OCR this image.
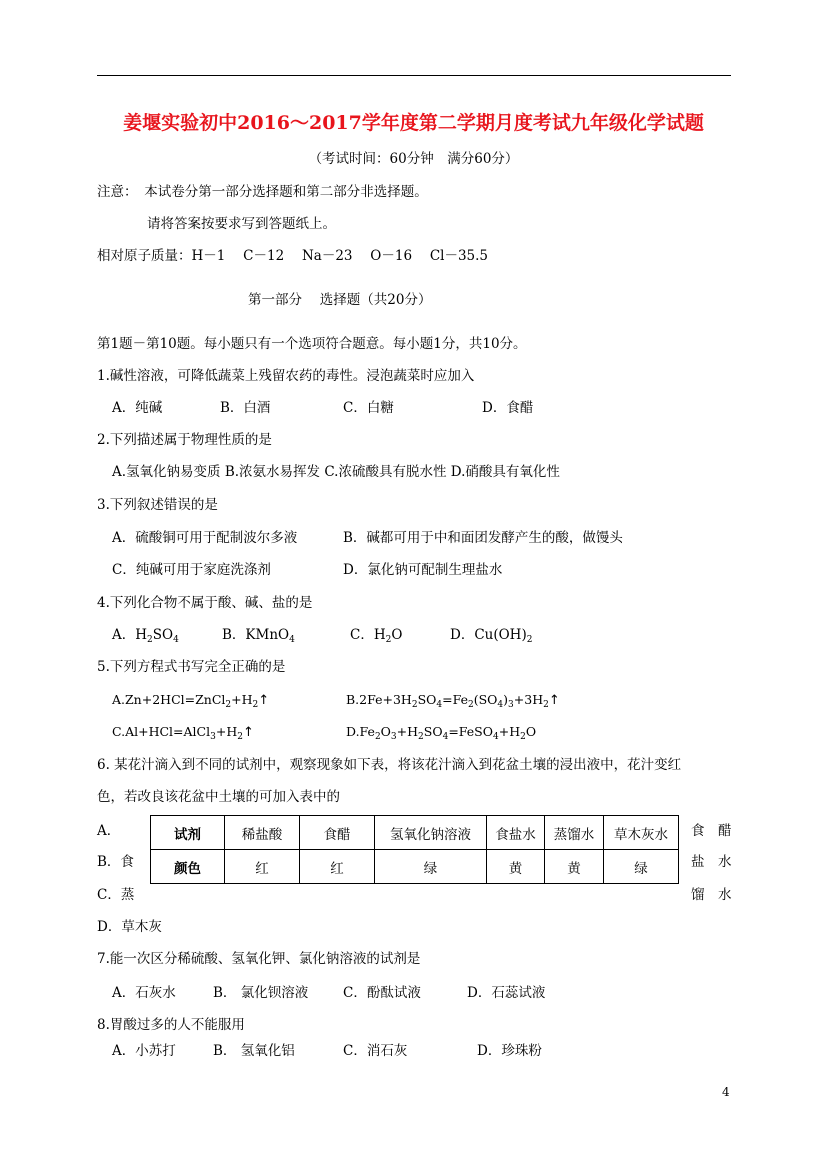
姜堰实验初中2016～2017学年度第二学期月度考试九年级化学试题
（考试时间：60分钟　满分60分）
注意：　本试卷分第一部分选择题和第二部分非选择题。
请将答案按要求写到答题纸上。
相对原子质量：H－1　 C－12　 Na－23　 O－16　 Cl－35.5
第一部分　 选择题（共20分）
第1题－第10题。每小题只有一个选项符合题意。每小题1分，共10分。
1.碱性溶液，可降低蔬菜上残留农药的毒性。浸泡蔬菜时应加入
A．纯碱	B．白酒	C．白糖	D．食醋
2.下列描述属于物理性质的是
A.氢氧化钠易变质 B.浓氨水易挥发 C.浓硫酸具有脱水性 D.硝酸具有氧化性
3.下列叙述错误的是
A．硫酸铜可用于配制波尔多液	B．碱都可用于中和面团发酵产生的酸，做馒头
C．纯碱可用于家庭洗涤剂	D．氯化钠可配制生理盐水
4.下列化合物不属于酸、碱、盐的是
A．$H_2SO_4$	B．KMnO$_4$	C．$H_2O$	D．$Cu(OH)_2$
5.下列方程式书写完全正确的是
$A.Zn+2HCl=ZnCl_2+H_2↑$	$B.2Fe+3H_2SO_4=Fe_2(SO_4)_3+3H_2↑$
$C.Al+HCl=AlCl_3+H_2↑$	$D.Fe_2O_3+H_2SO_4=FeSO_4+H_2O$
6. 某花汁滴入到不同的试剂中，观察现象如下表，将该花汁滴入到花盆土壤的浸出液中，花汁变红
色，若改良该花盆中土壤的可加入表中的
A．
B．食
C．蒸
食　醋
盐　水
馏　水
试剂	稀盐酸	食醋	氢氧化钠溶液	食盐水	蒸馏水	草木灰水
颜色	红	红	绿	黄	黄	绿
D．草木灰
7.能一次区分稀硫酸、氢氧化钾、氯化钠溶液的试剂是
A．石灰水	B． 氯化钡溶液	C．酚酞试液	D．石蕊试液
8.胃酸过多的人不能服用
A．小苏打	B． 氢氧化铝	C．消石灰	D．珍珠粉
4
